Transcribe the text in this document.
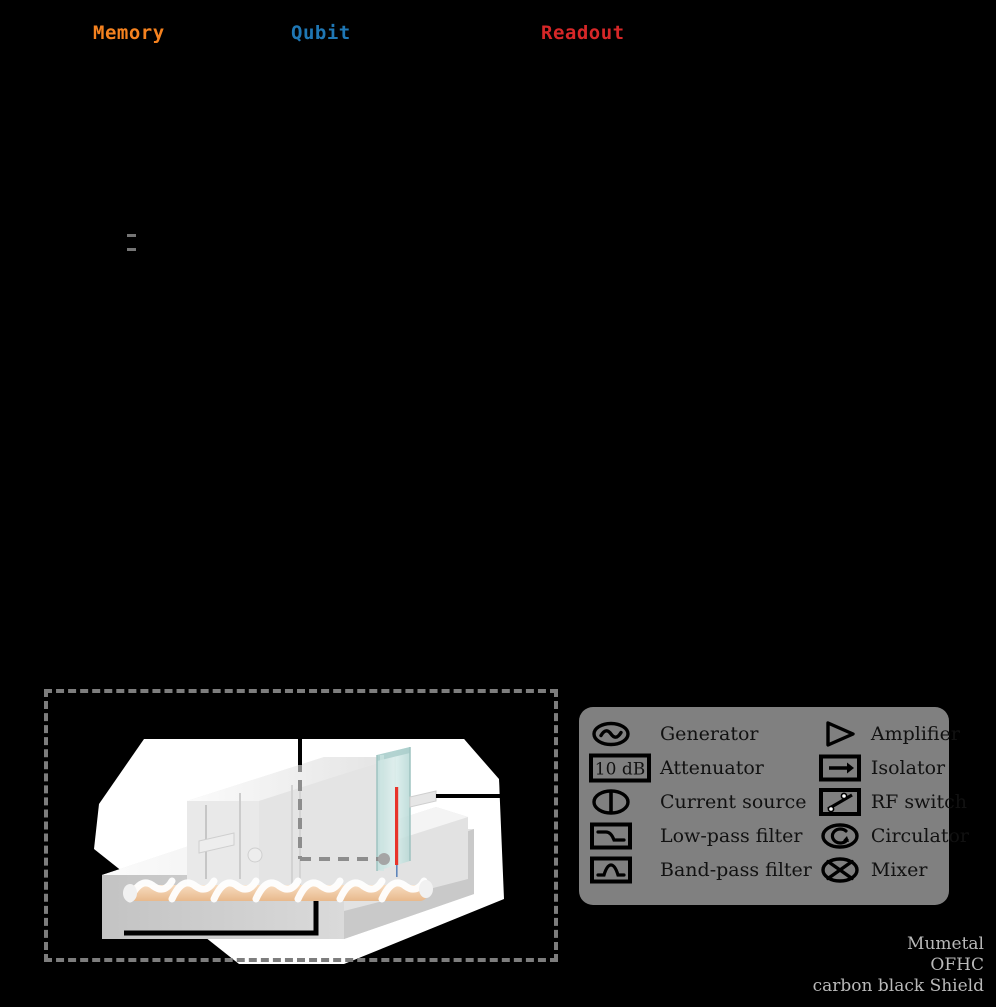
Memory	Qubit	Readout
Mumetal
OFHC
carbon black Shield
Generator	Amplifier
10 dB Attenuator	Isolator
Current source	RF switch
Low-pass filter	Circulator
Band-pass filter	Mixer
